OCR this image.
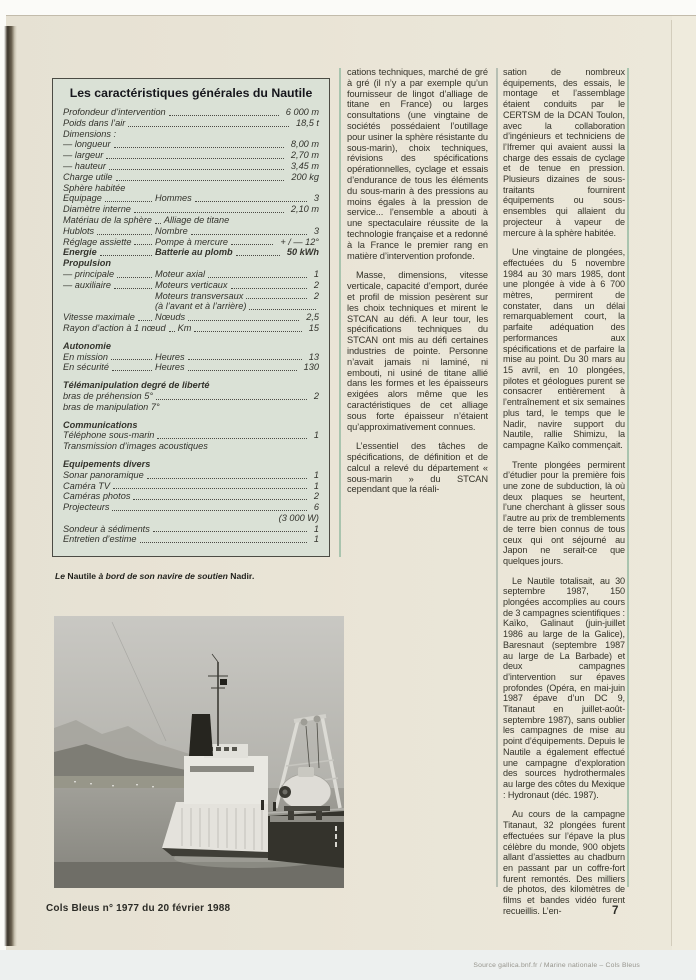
Les caractéristiques générales du Nautile
Profondeur d’intervention	6 000 m
Poids dans l’air	18,5 t
Dimensions :
— longueur	8,00 m
— largeur	2,70 m
— hauteur	3,45 m
Charge utile	200 kg
Sphère habitée
Equipage	Hommes	3
Diamètre interne	2,10 m
Matériau de la sphère Alliage de titane
Hublots	Nombre	3
Réglage assiette	Pompe à mercure	+ / — 12°
Energie	Batterie au plomb	50 kWh
Propulsion
— principale	Moteur axial	1
— auxiliaire	Moteurs verticaux	2
Moteurs transversaux	2
(à l’avant et à l’arrière)
Vitesse maximale Nœuds	2,5
Rayon d’action à 1 nœud Km	15
Autonomie
En mission	Heures	13
En sécurité	Heures	130
Télémanipulation degré de liberté
bras de préhension 5°	2
bras de manipulation 7°
Communications
Téléphone sous-marin	1
Transmission d’images acoustiques
Equipements divers
Sonar panoramique	1
Caméra TV	1
Caméras photos	2
Projecteurs	6
(3 000 W)
Sondeur à sédiments	1
Entretien d’estime	1

cations techniques, marché de gré à gré (il n’y a par exemple qu’un fournisseur de lingot d’alliage de titane en France) ou larges consultations (une vingtaine de sociétés possédaient l’outillage pour usiner la sphère résistante du sous-marin), choix techniques, révisions des spécifications opérationnelles, cyclage et essais d’endurance de tous les éléments du sous-marin à des pressions au moins égales à la pression de service... l’ensemble a abouti à une spectaculaire réussite de la technologie française et a redonné à la France le premier rang en matière d’intervention profonde.

Masse, dimensions, vitesse verticale, capacité d’emport, durée et profil de mission pesèrent sur les choix techniques et mirent le STCAN au défi. A leur tour, les spécifications techniques du STCAN ont mis au défi certaines industries de pointe. Personne n’avait jamais ni laminé, ni embouti, ni usiné de titane allié dans les formes et les épaisseurs exigées alors même que les caractéristiques de cet alliage sous forte épaisseur n’étaient qu’approximativement connues.

L’essentiel des tâches de spécifications, de définition et de calcul a relevé du département « sous-marin » du STCAN cependant que la réali-

sation de nombreux équipements, des essais, le montage et l’assemblage étaient conduits par le CERTSM de la DCAN Toulon, avec la collaboration d’ingénieurs et techniciens de l’Ifremer qui avaient aussi la charge des essais de cyclage et de tenue en pression. Plusieurs dizaines de sous-traitants fournirent équipements ou sous-ensembles qui allaient du projecteur à vapeur de mercure à la sphère habitée.

Une vingtaine de plongées, effectuées du 5 novembre 1984 au 30 mars 1985, dont une plongée à vide à 6 700 mètres, permirent de constater, dans un délai remarquablement court, la parfaite adéquation des performances aux spécifications et de parfaire la mise au point. Du 30 mars au 15 avril, en 10 plongées, pilotes et géologues purent se consacrer entièrement à l’entraînement et six semaines plus tard, le temps que le Nadir, navire support du Nautile, rallie Shimizu, la campagne Kaïko commençait.

Trente plongées permirent d’étudier pour la première fois une zone de subduction, là où deux plaques se heurtent, l’une cherchant à glisser sous l’autre au prix de tremblements de terre bien connus de tous ceux qui ont séjourné au Japon ne serait-ce que quelques jours.

Le Nautile totalisait, au 30 septembre 1987, 150 plongées accomplies au cours de 3 campagnes scientifiques : Kaïko, Galinaut (juin-juillet 1986 au large de la Galice), Baresnaut (septembre 1987 au large de La Barbade) et deux campagnes d’intervention sur épaves profondes (Opéra, en mai-juin 1987 épave d’un DC 9, Titanaut en juillet-août-septembre 1987), sans oublier les campagnes de mise au point d’équipements. Depuis le Nautile a également effectué une campagne d’exploration des sources hydrothermales au large des côtes du Mexique : Hydronaut (déc. 1987).

Au cours de la campagne Titanaut, 32 plongées furent effectuées sur l’épave la plus célèbre du monde, 900 objets allant d’assiettes au chadburn en passant par un coffre-fort furent remontés. Des milliers de photos, des kilomètres de films et bandes vidéo furent recueillis. L’en-

Le Nautile à bord de son navire de soutien Nadir.
Cols Bleus n° 1977 du 20 février 1988	7
Source gallica.bnf.fr / Marine nationale – Cols Bleus
